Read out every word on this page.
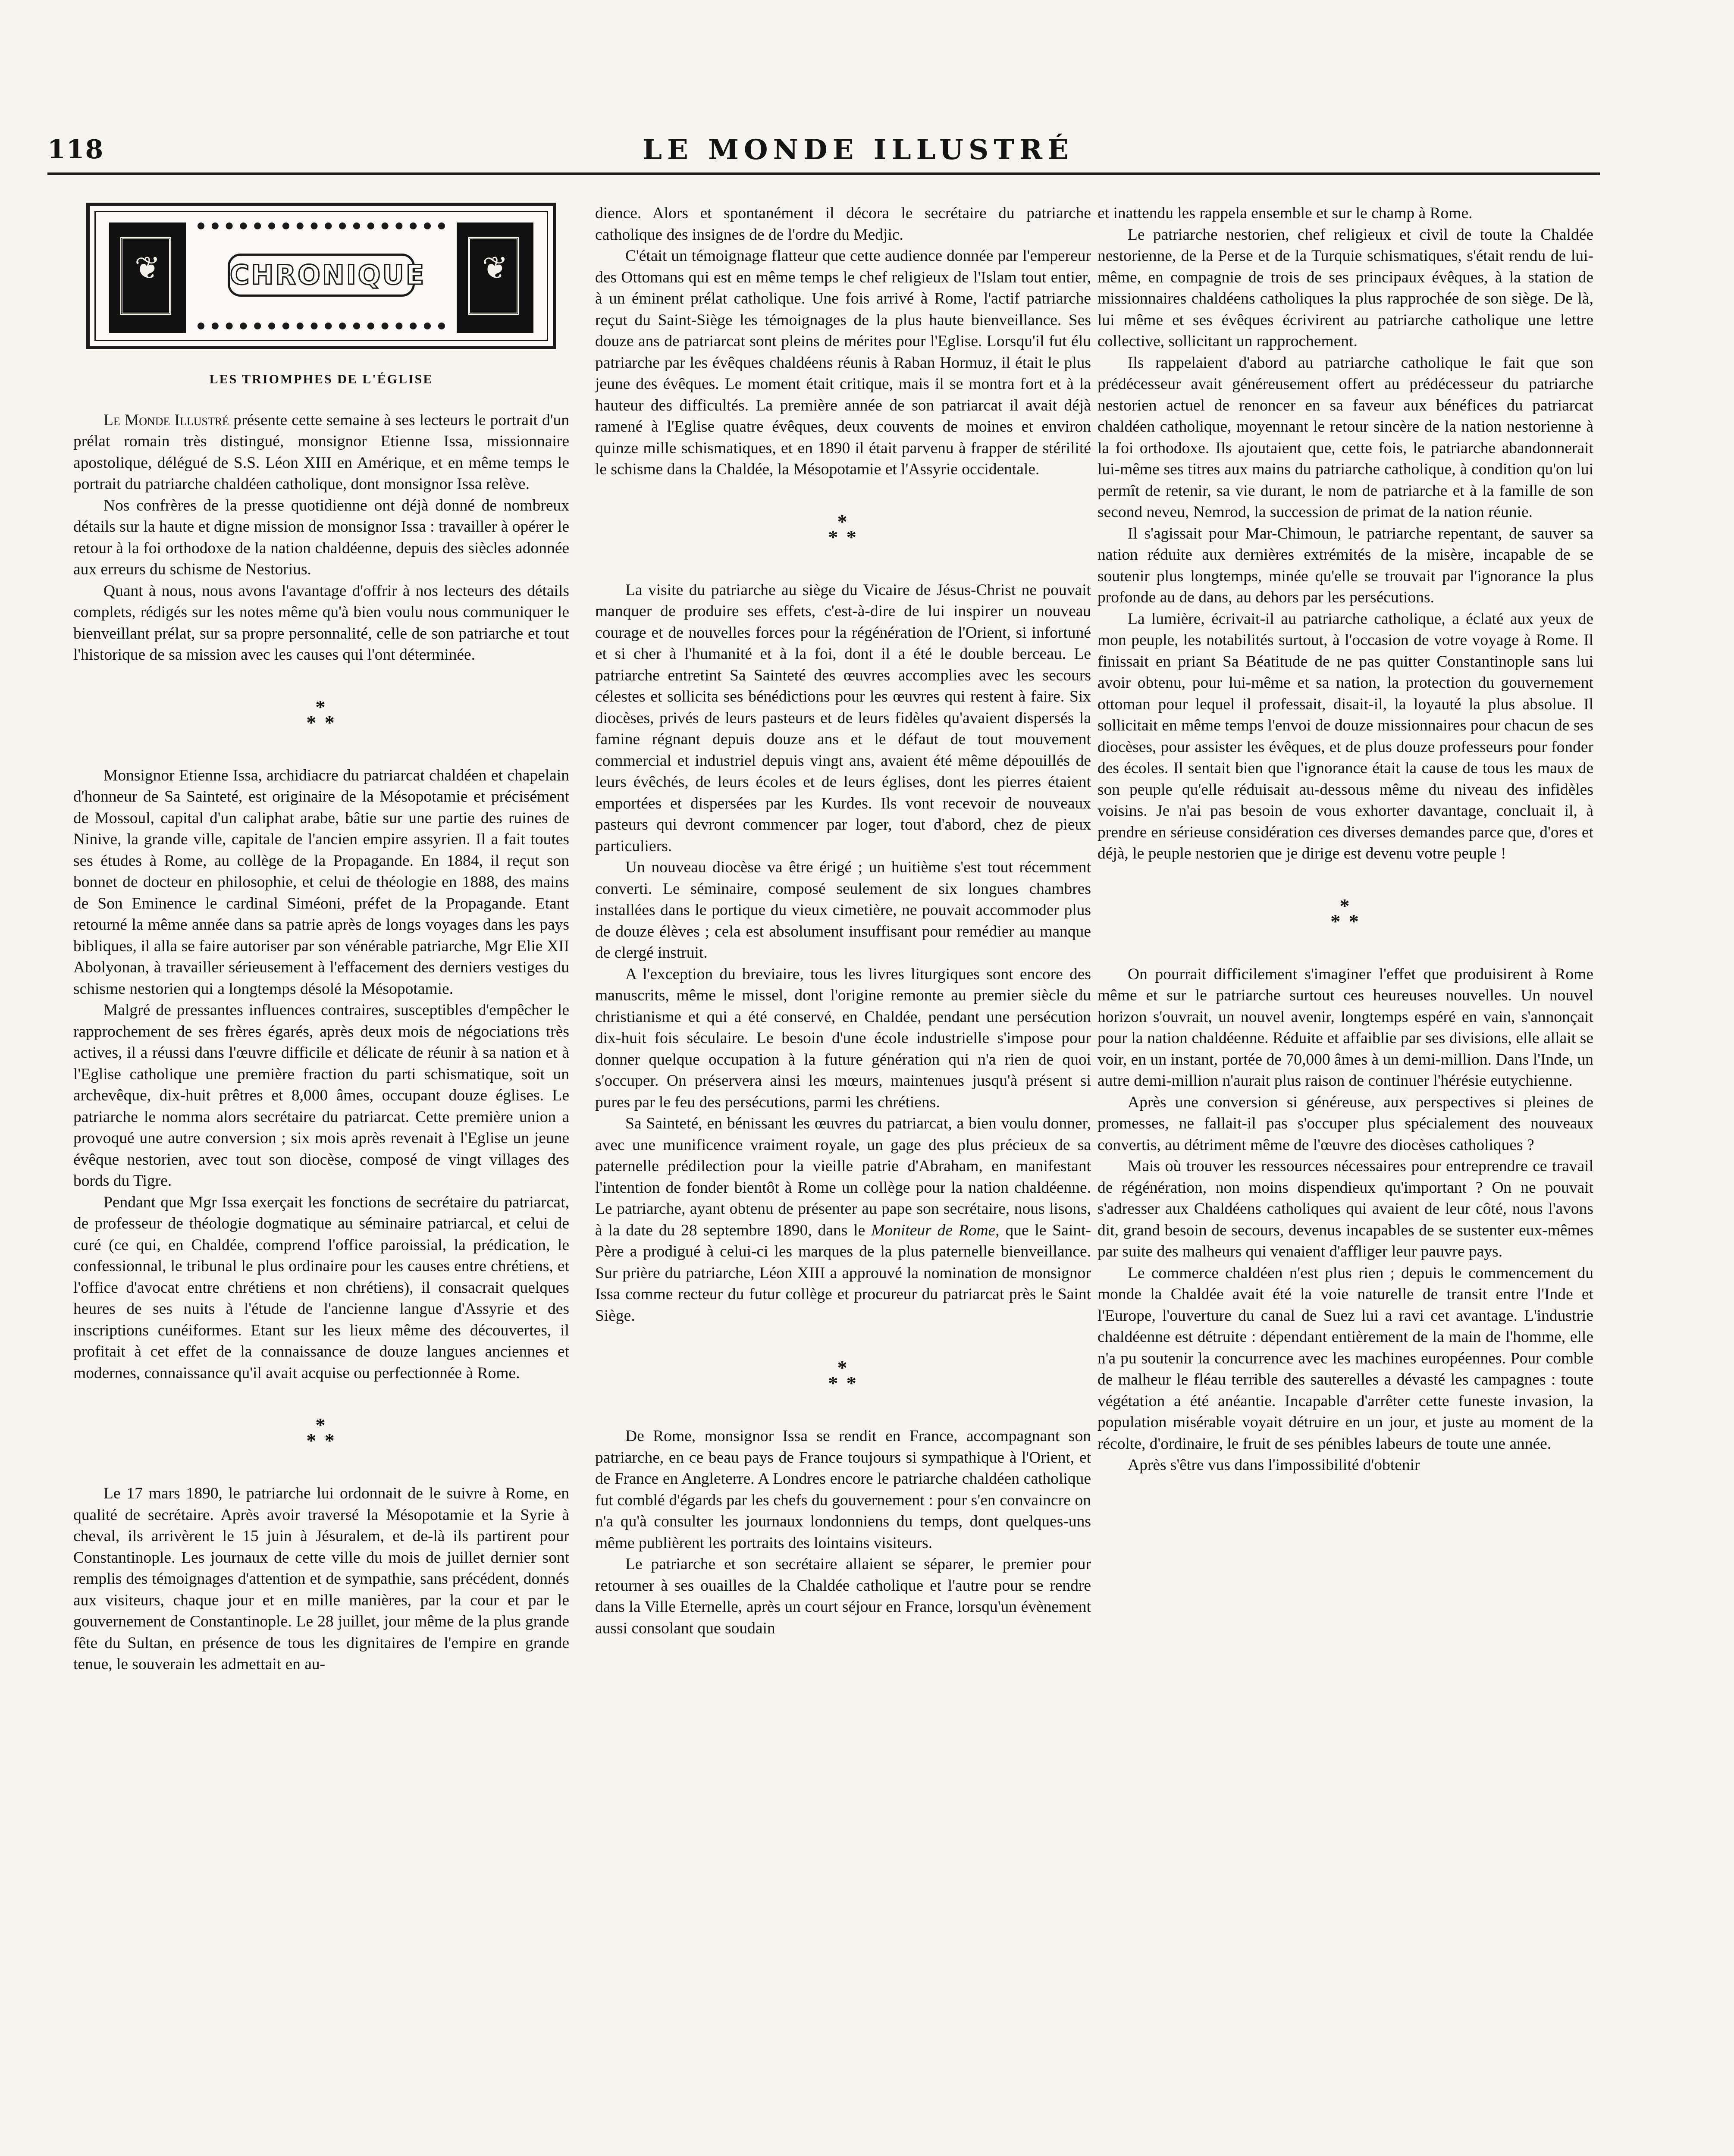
118	LE MONDE ILLUSTRÉ
❦	CHRONIQUE	❦
LES TRIOMPHES DE L'ÉGLISE

Le Monde Illustré présente cette semaine à ses lecteurs le portrait d'un prélat romain très distingué, monsignor Etienne Issa, missionnaire apostolique, délégué de S.S. Léon XIII en Amérique, et en même temps le portrait du patriarche chaldéen catholique, dont monsignor Issa relève.

Nos confrères de la presse quotidienne ont déjà donné de nombreux détails sur la haute et digne mission de monsignor Issa : travailler à opérer le retour à la foi orthodoxe de la nation chaldéenne, depuis des siècles adonnée aux erreurs du schisme de Nestorius.

Quant à nous, nous avons l'avantage d'offrir à nos lecteurs des détails complets, rédigés sur les notes même qu'à bien voulu nous communiquer le bienveillant prélat, sur sa propre personnalité, celle de son patriarche et tout l'historique de sa mission avec les causes qui l'ont déterminée.

*
* *

Monsignor Etienne Issa, archidiacre du patriarcat chaldéen et chapelain d'honneur de Sa Sainteté, est originaire de la Mésopotamie et précisément de Mossoul, capital d'un caliphat arabe, bâtie sur une partie des ruines de Ninive, la grande ville, capitale de l'ancien empire assyrien. Il a fait toutes ses études à Rome, au collège de la Propagande. En 1884, il reçut son bonnet de docteur en philosophie, et celui de théologie en 1888, des mains de Son Eminence le cardinal Siméoni, préfet de la Propagande. Etant retourné la même année dans sa patrie après de longs voyages dans les pays bibliques, il alla se faire autoriser par son vénérable patriarche, Mgr Elie XII Abolyonan, à travailler sérieusement à l'effacement des derniers vestiges du schisme nestorien qui a longtemps désolé la Mésopotamie.

Malgré de pressantes influences contraires, susceptibles d'empêcher le rapprochement de ses frères égarés, après deux mois de négociations très actives, il a réussi dans l'œuvre difficile et délicate de réunir à sa nation et à l'Eglise catholique une première fraction du parti schismatique, soit un archevêque, dix-huit prêtres et 8,000 âmes, occupant douze églises. Le patriarche le nomma alors secrétaire du patriarcat. Cette première union a provoqué une autre conversion ; six mois après revenait à l'Eglise un jeune évêque nestorien, avec tout son diocèse, composé de vingt villages des bords du Tigre.

Pendant que Mgr Issa exerçait les fonctions de secrétaire du patriarcat, de professeur de théologie dogmatique au séminaire patriarcal, et celui de curé (ce qui, en Chaldée, comprend l'office paroissial, la prédication, le confessionnal, le tribunal le plus ordinaire pour les causes entre chrétiens, et l'office d'avocat entre chrétiens et non chrétiens), il consacrait quelques heures de ses nuits à l'étude de l'ancienne langue d'Assyrie et des inscriptions cunéiformes. Etant sur les lieux même des découvertes, il profitait à cet effet de la connaissance de douze langues anciennes et modernes, connaissance qu'il avait acquise ou perfectionnée à Rome.

*
* *

Le 17 mars 1890, le patriarche lui ordonnait de le suivre à Rome, en qualité de secrétaire. Après avoir traversé la Mésopotamie et la Syrie à cheval, ils arrivèrent le 15 juin à Jésuralem, et de-là ils partirent pour Constantinople. Les journaux de cette ville du mois de juillet dernier sont remplis des témoignages d'attention et de sympathie, sans précédent, donnés aux visiteurs, chaque jour et en mille manières, par la cour et par le gouvernement de Constantinople. Le 28 juillet, jour même de la plus grande fête du Sultan, en présence de tous les dignitaires de l'empire en grande tenue, le souverain les admettait en au-

dience. Alors et spontanément il décora le secrétaire du patriarche catholique des insignes de de l'ordre du Medjic.

C'était un témoignage flatteur que cette audience donnée par l'empereur des Ottomans qui est en même temps le chef religieux de l'Islam tout entier, à un éminent prélat catholique. Une fois arrivé à Rome, l'actif patriarche reçut du Saint-Siège les témoignages de la plus haute bienveillance. Ses douze ans de patriarcat sont pleins de mérites pour l'Eglise. Lorsqu'il fut élu patriarche par les évêques chaldéens réunis à Raban Hormuz, il était le plus jeune des évêques. Le moment était critique, mais il se montra fort et à la hauteur des difficultés. La première année de son patriarcat il avait déjà ramené à l'Eglise quatre évêques, deux couvents de moines et environ quinze mille schismatiques, et en 1890 il était parvenu à frapper de stérilité le schisme dans la Chaldée, la Mésopotamie et l'Assyrie occidentale.

*
* *

La visite du patriarche au siège du Vicaire de Jésus-Christ ne pouvait manquer de produire ses effets, c'est-à-dire de lui inspirer un nouveau courage et de nouvelles forces pour la régénération de l'Orient, si infortuné et si cher à l'humanité et à la foi, dont il a été le double berceau. Le patriarche entretint Sa Sainteté des œuvres accomplies avec les secours célestes et sollicita ses bénédictions pour les œuvres qui restent à faire. Six diocèses, privés de leurs pasteurs et de leurs fidèles qu'avaient dispersés la famine régnant depuis douze ans et le défaut de tout mouvement commercial et industriel depuis vingt ans, avaient été même dépouillés de leurs évêchés, de leurs écoles et de leurs églises, dont les pierres étaient emportées et dispersées par les Kurdes. Ils vont recevoir de nouveaux pasteurs qui devront commencer par loger, tout d'abord, chez de pieux particuliers.

Un nouveau diocèse va être érigé ; un huitième s'est tout récemment converti. Le séminaire, composé seulement de six longues chambres installées dans le portique du vieux cimetière, ne pouvait accommoder plus de douze élèves ; cela est absolument insuffisant pour remédier au manque de clergé instruit.

A l'exception du breviaire, tous les livres liturgiques sont encore des manuscrits, même le missel, dont l'origine remonte au premier siècle du christianisme et qui a été conservé, en Chaldée, pendant une persécution dix-huit fois séculaire. Le besoin d'une école industrielle s'impose pour donner quelque occupation à la future génération qui n'a rien de quoi s'occuper. On préservera ainsi les mœurs, maintenues jusqu'à présent si pures par le feu des persécutions, parmi les chrétiens.

Sa Sainteté, en bénissant les œuvres du patriarcat, a bien voulu donner, avec une munificence vraiment royale, un gage des plus précieux de sa paternelle prédilection pour la vieille patrie d'Abraham, en manifestant l'intention de fonder bientôt à Rome un collège pour la nation chaldéenne. Le patriarche, ayant obtenu de présenter au pape son secrétaire, nous lisons, à la date du 28 septembre 1890, dans le Moniteur de Rome, que le Saint-Père a prodigué à celui-ci les marques de la plus paternelle bienveillance. Sur prière du patriarche, Léon XIII a approuvé la nomination de monsignor Issa comme recteur du futur collège et procureur du patriarcat près le Saint Siège.

*
* *

De Rome, monsignor Issa se rendit en France, accompagnant son patriarche, en ce beau pays de France toujours si sympathique à l'Orient, et de France en Angleterre. A Londres encore le patriarche chaldéen catholique fut comblé d'égards par les chefs du gouvernement : pour s'en convaincre on n'a qu'à consulter les journaux londonniens du temps, dont quelques-uns même publièrent les portraits des lointains visiteurs.

Le patriarche et son secrétaire allaient se séparer, le premier pour retourner à ses ouailles de la Chaldée catholique et l'autre pour se rendre dans la Ville Eternelle, après un court séjour en France, lorsqu'un évènement aussi consolant que soudain

et inattendu les rappela ensemble et sur le champ à Rome.

Le patriarche nestorien, chef religieux et civil de toute la Chaldée nestorienne, de la Perse et de la Turquie schismatiques, s'était rendu de lui-même, en compagnie de trois de ses principaux évêques, à la station de missionnaires chaldéens catholiques la plus rapprochée de son siège. De là, lui même et ses évêques écrivirent au patriarche catholique une lettre collective, sollicitant un rapprochement.

Ils rappelaient d'abord au patriarche catholique le fait que son prédécesseur avait généreusement offert au prédécesseur du patriarche nestorien actuel de renoncer en sa faveur aux bénéfices du patriarcat chaldéen catholique, moyennant le retour sincère de la nation nestorienne à la foi orthodoxe. Ils ajoutaient que, cette fois, le patriarche abandonnerait lui-même ses titres aux mains du patriarche catholique, à condition qu'on lui permît de retenir, sa vie durant, le nom de patriarche et à la famille de son second neveu, Nemrod, la succession de primat de la nation réunie.

Il s'agissait pour Mar-Chimoun, le patriarche repentant, de sauver sa nation réduite aux dernières extrémités de la misère, incapable de se soutenir plus longtemps, minée qu'elle se trouvait par l'ignorance la plus profonde au de dans, au dehors par les persécutions.

La lumière, écrivait-il au patriarche catholique, a éclaté aux yeux de mon peuple, les notabilités surtout, à l'occasion de votre voyage à Rome. Il finissait en priant Sa Béatitude de ne pas quitter Constantinople sans lui avoir obtenu, pour lui-même et sa nation, la protection du gouvernement ottoman pour lequel il professait, disait-il, la loyauté la plus absolue. Il sollicitait en même temps l'envoi de douze missionnaires pour chacun de ses diocèses, pour assister les évêques, et de plus douze professeurs pour fonder des écoles. Il sentait bien que l'ignorance était la cause de tous les maux de son peuple qu'elle réduisait au-dessous même du niveau des infidèles voisins. Je n'ai pas besoin de vous exhorter davantage, concluait il, à prendre en sérieuse considération ces diverses demandes parce que, d'ores et déjà, le peuple nestorien que je dirige est devenu votre peuple !

*
* *

On pourrait difficilement s'imaginer l'effet que produisirent à Rome même et sur le patriarche surtout ces heureuses nouvelles. Un nouvel horizon s'ouvrait, un nouvel avenir, longtemps espéré en vain, s'annonçait pour la nation chaldéenne. Réduite et affaiblie par ses divisions, elle allait se voir, en un instant, portée de 70,000 âmes à un demi-million. Dans l'Inde, un autre demi-million n'aurait plus raison de continuer l'hérésie eutychienne.

Après une conversion si généreuse, aux perspectives si pleines de promesses, ne fallait-il pas s'occuper plus spécialement des nouveaux convertis, au détriment même de l'œuvre des diocèses catholiques ?

Mais où trouver les ressources nécessaires pour entreprendre ce travail de régénération, non moins dispendieux qu'important ? On ne pouvait s'adresser aux Chaldéens catholiques qui avaient de leur côté, nous l'avons dit, grand besoin de secours, devenus incapables de se sustenter eux-mêmes par suite des malheurs qui venaient d'affliger leur pauvre pays.

Le commerce chaldéen n'est plus rien ; depuis le commencement du monde la Chaldée avait été la voie naturelle de transit entre l'Inde et l'Europe, l'ouverture du canal de Suez lui a ravi cet avantage. L'industrie chaldéenne est détruite : dépendant entièrement de la main de l'homme, elle n'a pu soutenir la concurrence avec les machines européennes. Pour comble de malheur le fléau terrible des sauterelles a dévasté les campagnes : toute végétation a été anéantie. Incapable d'arrêter cette funeste invasion, la population misérable voyait détruire en un jour, et juste au moment de la récolte, d'ordinaire, le fruit de ses pénibles labeurs de toute une année.

Après s'être vus dans l'impossibilité d'obtenir
